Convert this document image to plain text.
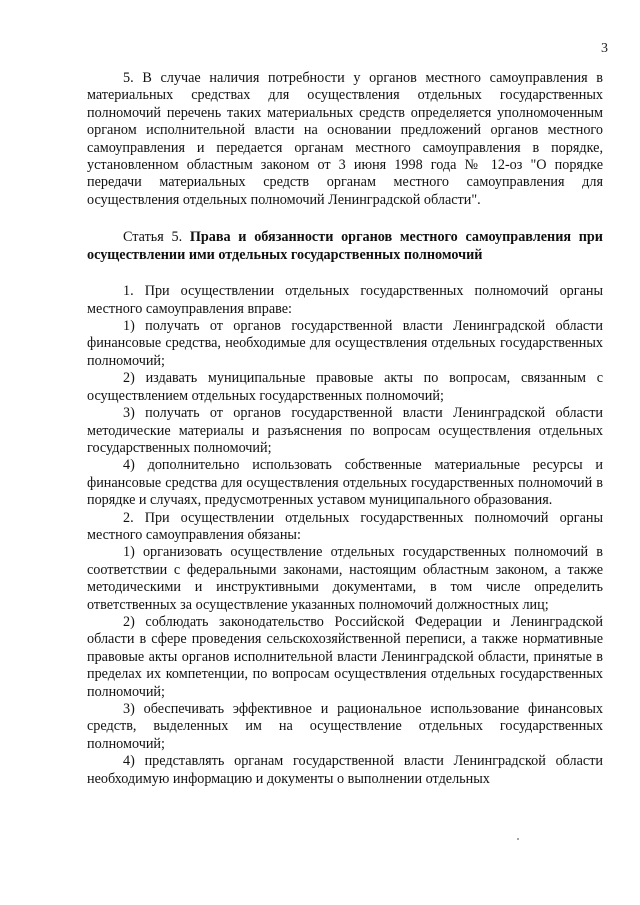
3

5. В случае наличия потребности у органов местного самоуправления в материальных средствах для осуществления отдельных государственных полномочий перечень таких материальных средств определяется уполномоченным органом исполнительной власти на основании предложений органов местного самоуправления и передается органам местного самоуправления в порядке, установленном областным законом от 3 июня 1998 года № 12-оз "О порядке передачи материальных средств органам местного самоуправления для осуществления отдельных полномочий Ленинградской области".

Статья 5. Права и обязанности органов местного самоуправления при осуществлении ими отдельных государственных полномочий

1. При осуществлении отдельных государственных полномочий органы местного самоуправления вправе:

1) получать от органов государственной власти Ленинградской области финансовые средства, необходимые для осуществления отдельных государственных полномочий;

2) издавать муниципальные правовые акты по вопросам, связанным с осуществлением отдельных государственных полномочий;

3) получать от органов государственной власти Ленинградской области методические материалы и разъяснения по вопросам осуществления отдельных государственных полномочий;

4) дополнительно использовать собственные материальные ресурсы и финансовые средства для осуществления отдельных государственных полномочий в порядке и случаях, предусмотренных уставом муниципального образования.

2. При осуществлении отдельных государственных полномочий органы местного самоуправления обязаны:

1) организовать осуществление отдельных государственных полномочий в соответствии с федеральными законами, настоящим областным законом, а также методическими и инструктивными документами, в том числе определить ответственных за осуществление указанных полномочий должностных лиц;

2) соблюдать законодательство Российской Федерации и Ленинградской области в сфере проведения сельскохозяйственной переписи, а также нормативные правовые акты органов исполнительной власти Ленинградской области, принятые в пределах их компетенции, по вопросам осуществления отдельных государственных полномочий;

3) обеспечивать эффективное и рациональное использование финансовых средств, выделенных им на осуществление отдельных государственных полномочий;

4) представлять органам государственной власти Ленинградской области необходимую информацию и документы о выполнении отдельных
